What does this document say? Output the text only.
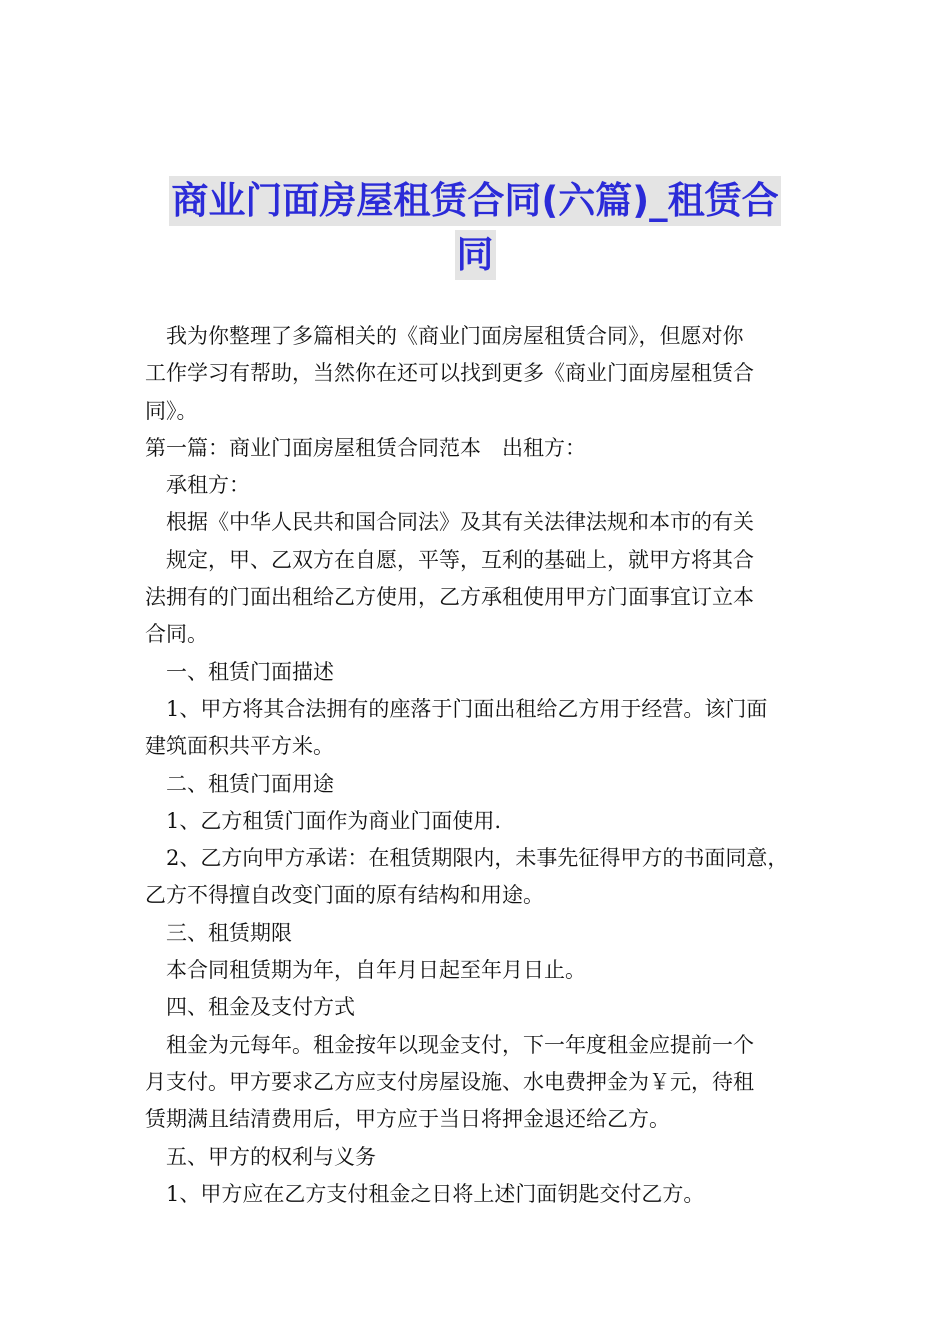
商业门面房屋租赁合同(六篇)_租赁合
同
我为你整理了多篇相关的《商业门面房屋租赁合同》，但愿对你
工作学习有帮助，当然你在还可以找到更多《商业门面房屋租赁合
同》。
第一篇：商业门面房屋租赁合同范本　出租方：
承租方：
根据《中华人民共和国合同法》及其有关法律法规和本市的有关
规定，甲、乙双方在自愿，平等，互利的基础上，就甲方将其合
法拥有的门面出租给乙方使用，乙方承租使用甲方门面事宜订立本
合同。
一、租赁门面描述
1、甲方将其合法拥有的座落于门面出租给乙方用于经营。该门面
建筑面积共平方米。
二、租赁门面用途
1、乙方租赁门面作为商业门面使用.
2、乙方向甲方承诺：在租赁期限内，未事先征得甲方的书面同意，
乙方不得擅自改变门面的原有结构和用途。
三、租赁期限
本合同租赁期为年，自年月日起至年月日止。
四、租金及支付方式
租金为元每年。租金按年以现金支付，下一年度租金应提前一个
月支付。甲方要求乙方应支付房屋设施、水电费押金为￥元，待租
赁期满且结清费用后，甲方应于当日将押金退还给乙方。
五、甲方的权利与义务
1、甲方应在乙方支付租金之日将上述门面钥匙交付乙方。
